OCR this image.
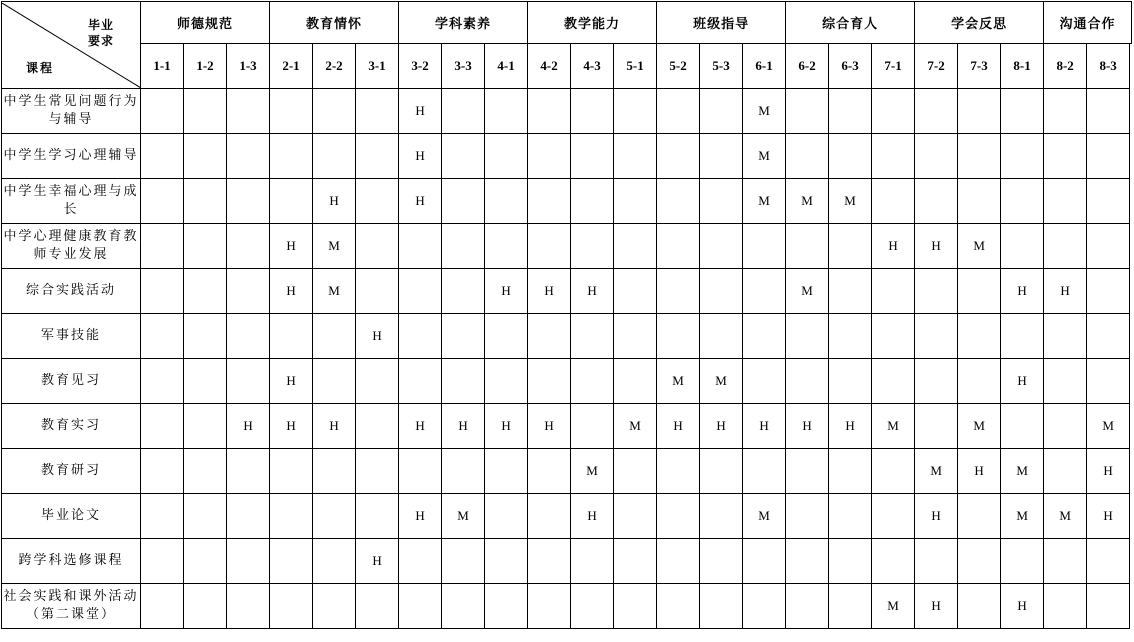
毕业要求
课程	师德规范			教育情怀			学科素养			教学能力			班级指导			综合育人			学会反思			沟通合作	
	1-1	1-2	1-3	2-1	2-2	3-1	3-2	3-3	4-1	4-2	4-3	5-1	5-2	5-3	6-1	6-2	6-3	7-1	7-2	7-3	8-1	8-2	8-3
中学生常见问题行为与辅导							H								M								
中学生学习心理辅导							H								M								
中学生幸福心理与成长					H		H								M	M	M						
中学心理健康教育教师专业发展				H	M													H	H	M			
综合实践活动				H	M				H	H	H					M					H	H	
军事技能						H																	
教育见习				H									M	M							H		
教育实习			H	H	H		H	H	H	H		M	H	H	H	H	H	M		M			M
教育研习											M								M	H	M		H
毕业论文							H	M			H				M				H		M	M	H
跨学科选修课程						H																	
社会实践和课外活动（第二课堂）																		M	H		H		
